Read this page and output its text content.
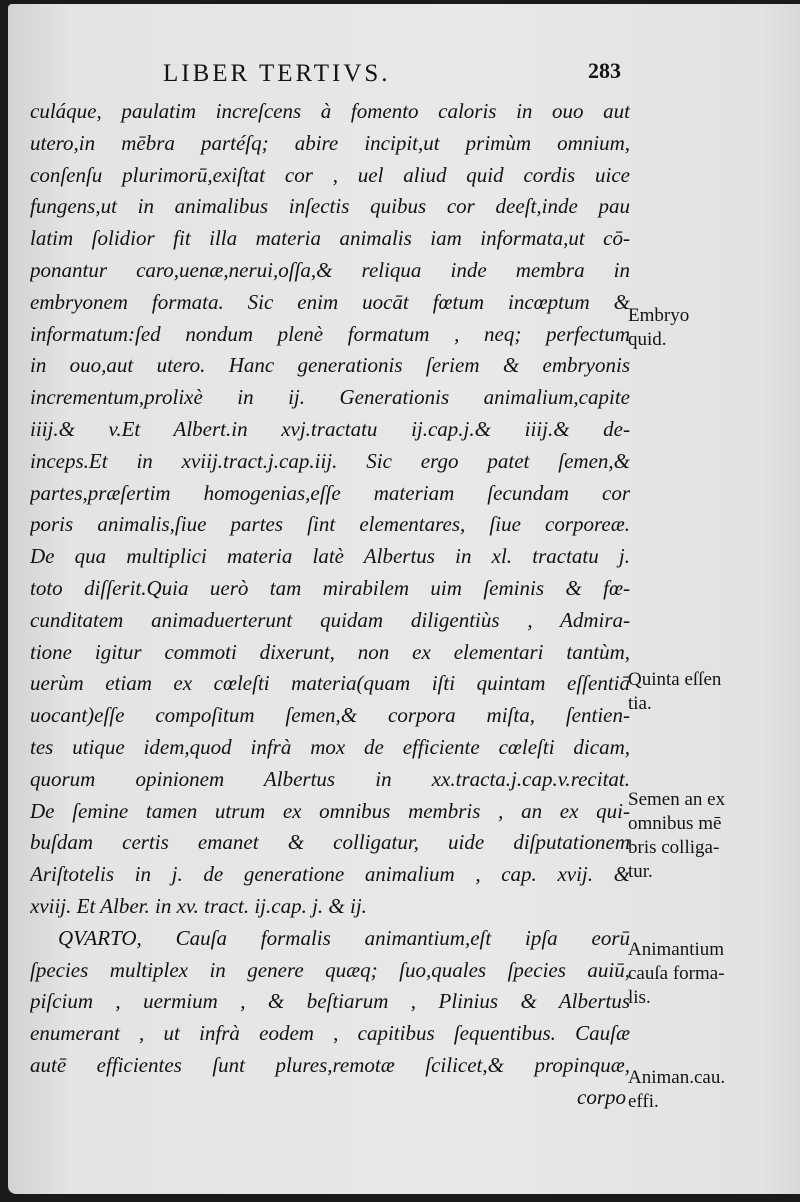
LIBER TERTIVS.	283
culáque, paulatim increſcens à fomento caloris in ouo aut
utero,in mēbra partéſq; abire incipit,ut primùm omnium,
conſenſu plurimorū,exiſtat cor , uel aliud quid cordis uice
fungens,ut in animalibus inſectis quibus cor deeſt,inde pau
latim ſolidior fit illa materia animalis iam informata,ut cō-
ponantur caro,uenæ,nerui,oſſa,& reliqua inde membra in
embryonem formata. Sic enim uocāt fœtum incœptum &
informatum:ſed nondum plenè formatum , neq; perfectum
in ouo,aut utero. Hanc generationis ſeriem & embryonis
incrementum,prolixè in ij. Generationis animalium,capite
iiij.& v.Et Albert.in xvj.tractatu ij.cap.j.& iiij.& de-
inceps.Et in xviij.tract.j.cap.iij. Sic ergo patet ſemen,&
partes,præſertim homogenias,eſſe materiam ſecundam cor
poris animalis,ſiue partes ſint elementares, ſiue corporeæ.
De qua multiplici materia latè Albertus in xl. tractatu j.
toto diſſerit.Quia uerò tam mirabilem uim ſeminis & fœ-
cunditatem animaduerterunt quidam diligentiùs , Admira-
tione igitur commoti dixerunt, non ex elementari tantùm,
uerùm etiam ex cœleſti materia(quam iſti quintam eſſentiā
uocant)eſſe compoſitum ſemen,& corpora miſta, ſentien-
tes utique idem,quod infrà mox de efficiente cœleſti dicam,
quorum opinionem Albertus in xx.tracta.j.cap.v.recitat.
De ſemine tamen utrum ex omnibus membris , an ex qui-
buſdam certis emanet & colligatur, uide diſputationem
Ariſtotelis in j. de generatione animalium , cap. xvij. &
xviij. Et Alber. in xv. tract. ij.cap. j. & ij.
QVARTO, Cauſa formalis animantium,eſt ipſa eorū
ſpecies multiplex in genere quæq; ſuo,quales ſpecies auiū,
piſcium , uermium , & beſtiarum , Plinius & Albertus
enumerant , ut infrà eodem , capitibus ſequentibus. Cauſæ
autē efficientes ſunt plures,remotæ ſcilicet,& propinquæ,
corpo
Embryo
quid.
Quinta eſſen
tia.
Semen an ex
omnibus mē
bris colliga-
tur.
Animantium
cauſa forma-
lis.
Animan.cau.
effi.
